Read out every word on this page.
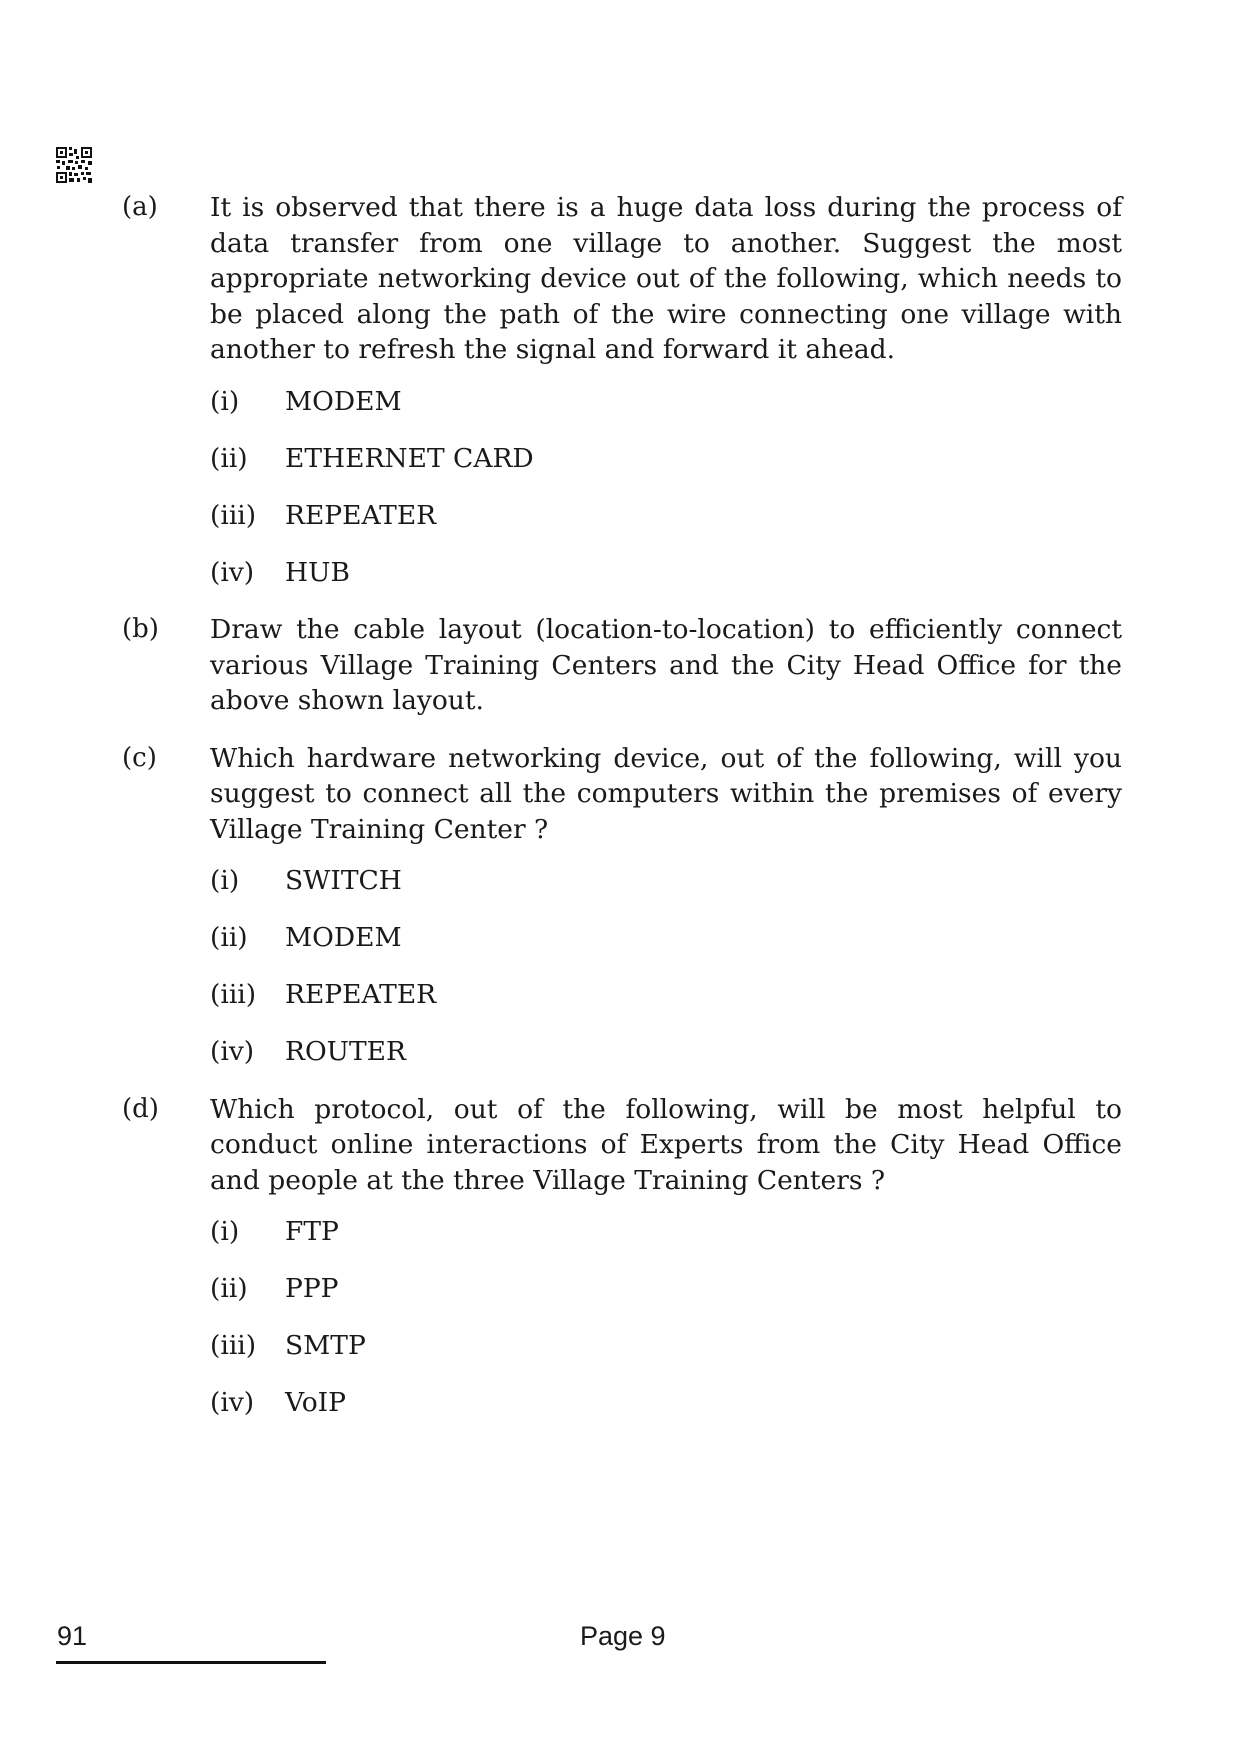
(a)	It is observed that there is a huge data loss during the process of data transfer from one village to another. Suggest the most appropriate networking device out of the following, which needs to be placed along the path of the wire connecting one village with another to refresh the signal and forward it ahead.

(i)	MODEM
(ii)	ETHERNET CARD
(iii)	REPEATER
(iv)	HUB
(b)	Draw the cable layout (location-to-location) to efficiently connect various Village Training Centers and the City Head Office for the above shown layout.

(c)	Which hardware networking device, out of the following, will you suggest to connect all the computers within the premises of every Village Training Center ?

(i)	SWITCH
(ii)	MODEM
(iii)	REPEATER
(iv)	ROUTER
(d)	Which protocol, out of the following, will be most helpful to conduct online interactions of Experts from the City Head Office and people at the three Village Training Centers ?

(i)	FTP
(ii)	PPP
(iii)	SMTP
(iv)	VoIP
91	Page 9
